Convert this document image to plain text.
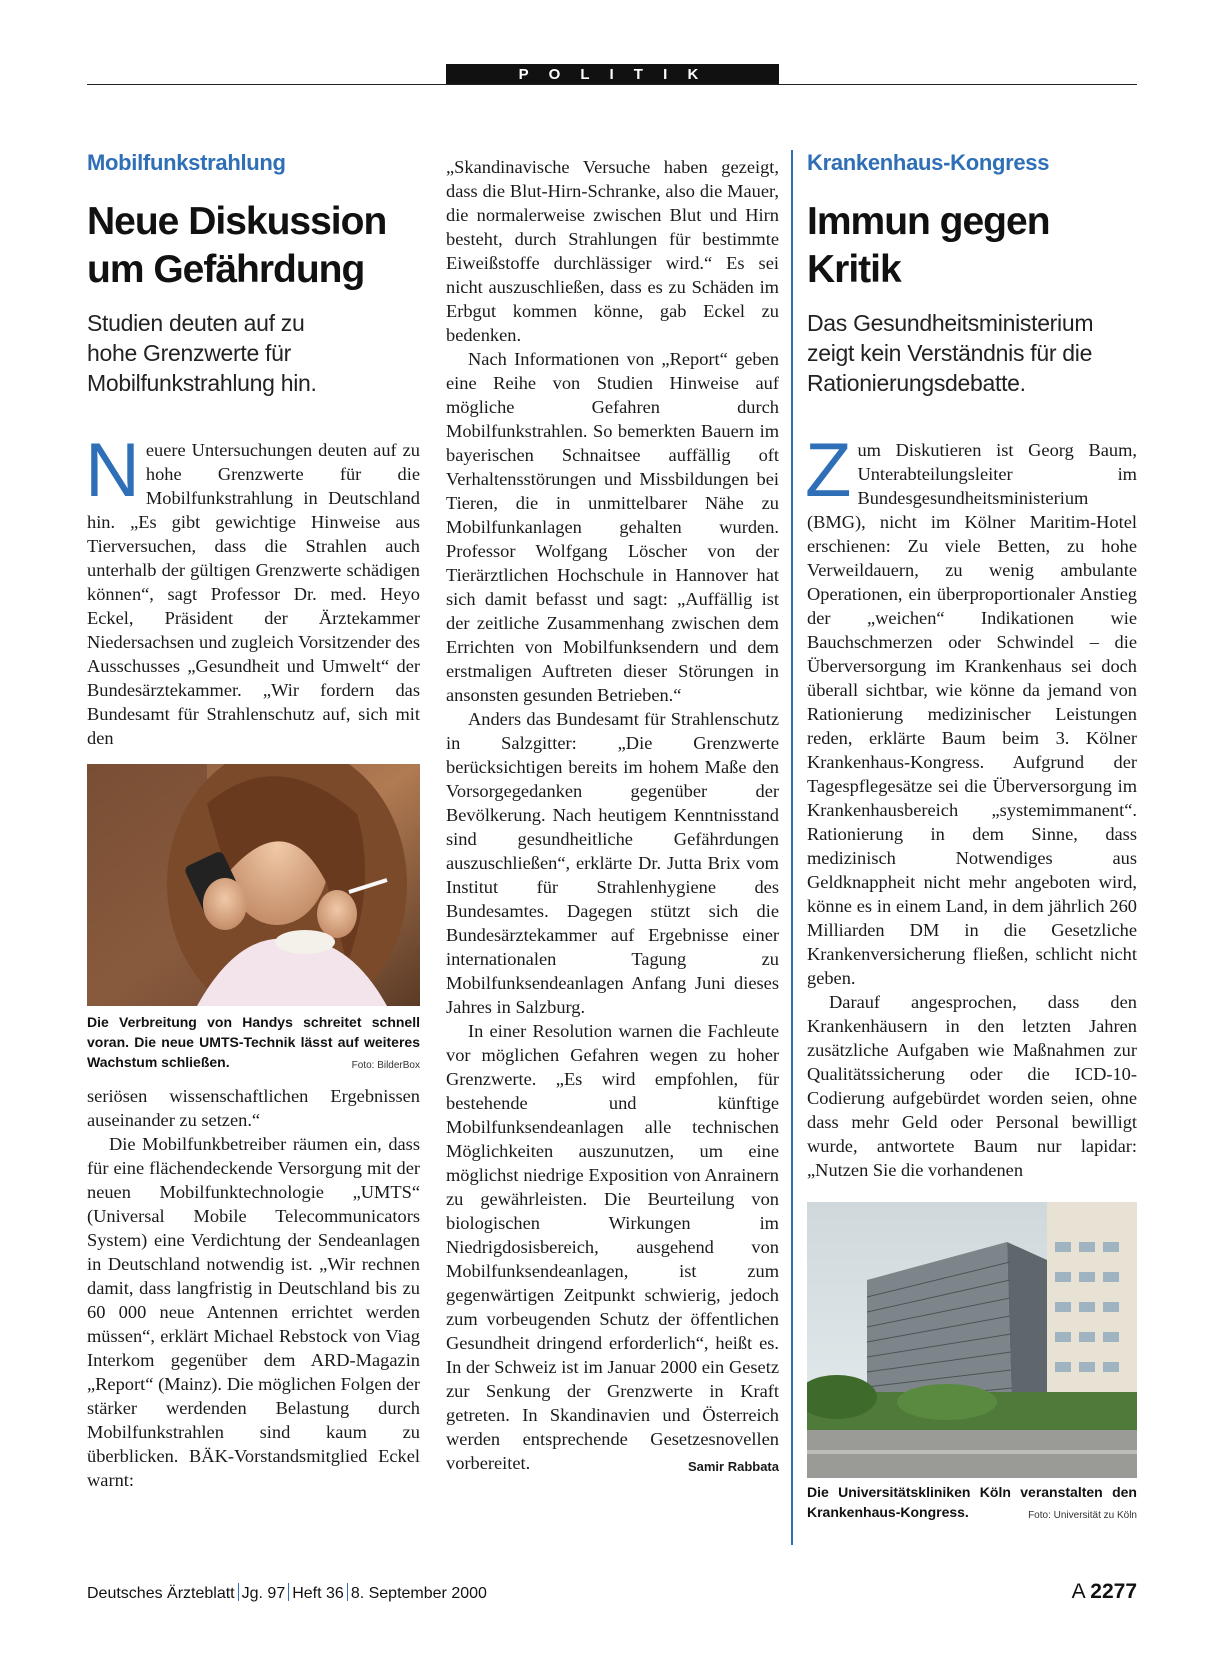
P O L I T I K
Mobilfunkstrahlung
Neue Diskussion
um Gefährdung
Studien deuten auf zu hohe Grenzwerte für Mobilfunkstrahlung hin.
N euere Untersuchungen deuten auf zu hohe Grenzwerte für die Mobilfunkstrahlung in Deutschland hin. „Es gibt gewichtige Hinweise aus Tierversuchen, dass die Strahlen auch unterhalb der gültigen Grenzwerte schädigen können“, sagt Professor Dr. med. Heyo Eckel, Präsident der Ärztekammer Niedersachsen und zugleich Vorsitzender des Ausschusses „Gesundheit und Umwelt“ der Bundesärztekammer. „Wir fordern das Bundesamt für Strahlenschutz auf, sich mit den

Die Verbreitung von Handys schreitet schnell voran. Die neue UMTS-Technik lässt auf weiteres Wachstum schließen.	Foto: BilderBox

seriösen wissenschaftlichen Ergebnissen auseinander zu setzen.“

Die Mobilfunkbetreiber räumen ein, dass für eine flächendeckende Versorgung mit der neuen Mobilfunktechnologie „UMTS“ (Universal Mobile Telecommunicators System) eine Verdichtung der Sendeanlagen in Deutschland notwendig ist. „Wir rechnen damit, dass langfristig in Deutschland bis zu 60 000 neue Antennen errichtet werden müssen“, erklärt Michael Rebstock von Viag Interkom gegenüber dem ARD-Magazin „Report“ (Mainz). Die möglichen Folgen der stärker werdenden Belastung durch Mobilfunkstrahlen sind kaum zu überblicken. BÄK-Vorstandsmitglied Eckel warnt:

„Skandinavische Versuche haben gezeigt, dass die Blut-Hirn-Schranke, also die Mauer, die normalerweise zwischen Blut und Hirn besteht, durch Strahlungen für bestimmte Eiweißstoffe durchlässiger wird.“ Es sei nicht auszuschließen, dass es zu Schäden im Erbgut kommen könne, gab Eckel zu bedenken.

Nach Informationen von „Report“ geben eine Reihe von Studien Hinweise auf mögliche Gefahren durch Mobilfunkstrahlen. So bemerkten Bauern im bayerischen Schnaitsee auffällig oft Verhaltensstörungen und Missbildungen bei Tieren, die in unmittelbarer Nähe zu Mobilfunkanlagen gehalten wurden. Professor Wolfgang Löscher von der Tierärztlichen Hochschule in Hannover hat sich damit befasst und sagt: „Auffällig ist der zeitliche Zusammenhang zwischen dem Errichten von Mobilfunksendern und dem erstmaligen Auftreten dieser Störungen in ansonsten gesunden Betrieben.“

Anders das Bundesamt für Strahlenschutz in Salzgitter: „Die Grenzwerte berücksichtigen bereits im hohem Maße den Vorsorgegedanken gegenüber der Bevölkerung. Nach heutigem Kenntnisstand sind gesundheitliche Gefährdungen auszuschließen“, erklärte Dr. Jutta Brix vom Institut für Strahlenhygiene des Bundesamtes. Dagegen stützt sich die Bundesärztekammer auf Ergebnisse einer internationalen Tagung zu Mobilfunksendeanlagen Anfang Juni dieses Jahres in Salzburg.

In einer Resolution warnen die Fachleute vor möglichen Gefahren wegen zu hoher Grenzwerte. „Es wird empfohlen, für bestehende und künftige Mobilfunksendeanlagen alle technischen Möglichkeiten auszunutzen, um eine möglichst niedrige Exposition von Anrainern zu gewährleisten. Die Beurteilung von biologischen Wirkungen im Niedrigdosisbereich, ausgehend von Mobilfunksendeanlagen, ist zum gegenwärtigen Zeitpunkt schwierig, jedoch zum vorbeugenden Schutz der öffentlichen Gesundheit dringend erforderlich“, heißt es. In der Schweiz ist im Januar 2000 ein Gesetz zur Senkung der Grenzwerte in Kraft getreten. In Skandinavien und Österreich werden entsprechende Gesetzesnovellen vorbereitet.	Samir Rabbata

Krankenhaus-Kongress
Immun gegen
Kritik
Das Gesundheitsministerium zeigt kein Verständnis für die Rationierungsdebatte.
Z um Diskutieren ist Georg Baum, Unterabteilungsleiter im Bundesgesundheitsministerium (BMG), nicht im Kölner Maritim-Hotel erschienen: Zu viele Betten, zu hohe Verweildauern, zu wenig ambulante Operationen, ein überproportionaler Anstieg der „weichen“ Indikationen wie Bauchschmerzen oder Schwindel – die Überversorgung im Krankenhaus sei doch überall sichtbar, wie könne da jemand von Rationierung medizinischer Leistungen reden, erklärte Baum beim 3. Kölner Krankenhaus-Kongress. Aufgrund der Tagespflegesätze sei die Überversorgung im Krankenhausbereich „systemimmanent“. Rationierung in dem Sinne, dass medizinisch Notwendiges aus Geldknappheit nicht mehr angeboten wird, könne es in einem Land, in dem jährlich 260 Milliarden DM in die Gesetzliche Krankenversicherung fließen, schlicht nicht geben.

Darauf angesprochen, dass den Krankenhäusern in den letzten Jahren zusätzliche Aufgaben wie Maßnahmen zur Qualitätssicherung oder die ICD-10-Codierung aufgebürdet worden seien, ohne dass mehr Geld oder Personal bewilligt wurde, antwortete Baum nur lapidar: „Nutzen Sie die vorhandenen

Die Universitätskliniken Köln veranstalten den Krankenhaus-Kongress.	Foto: Universität zu Köln
Deutsches Ärzteblatt Jg. 97 Heft 36 8. September 2000	A 2277
